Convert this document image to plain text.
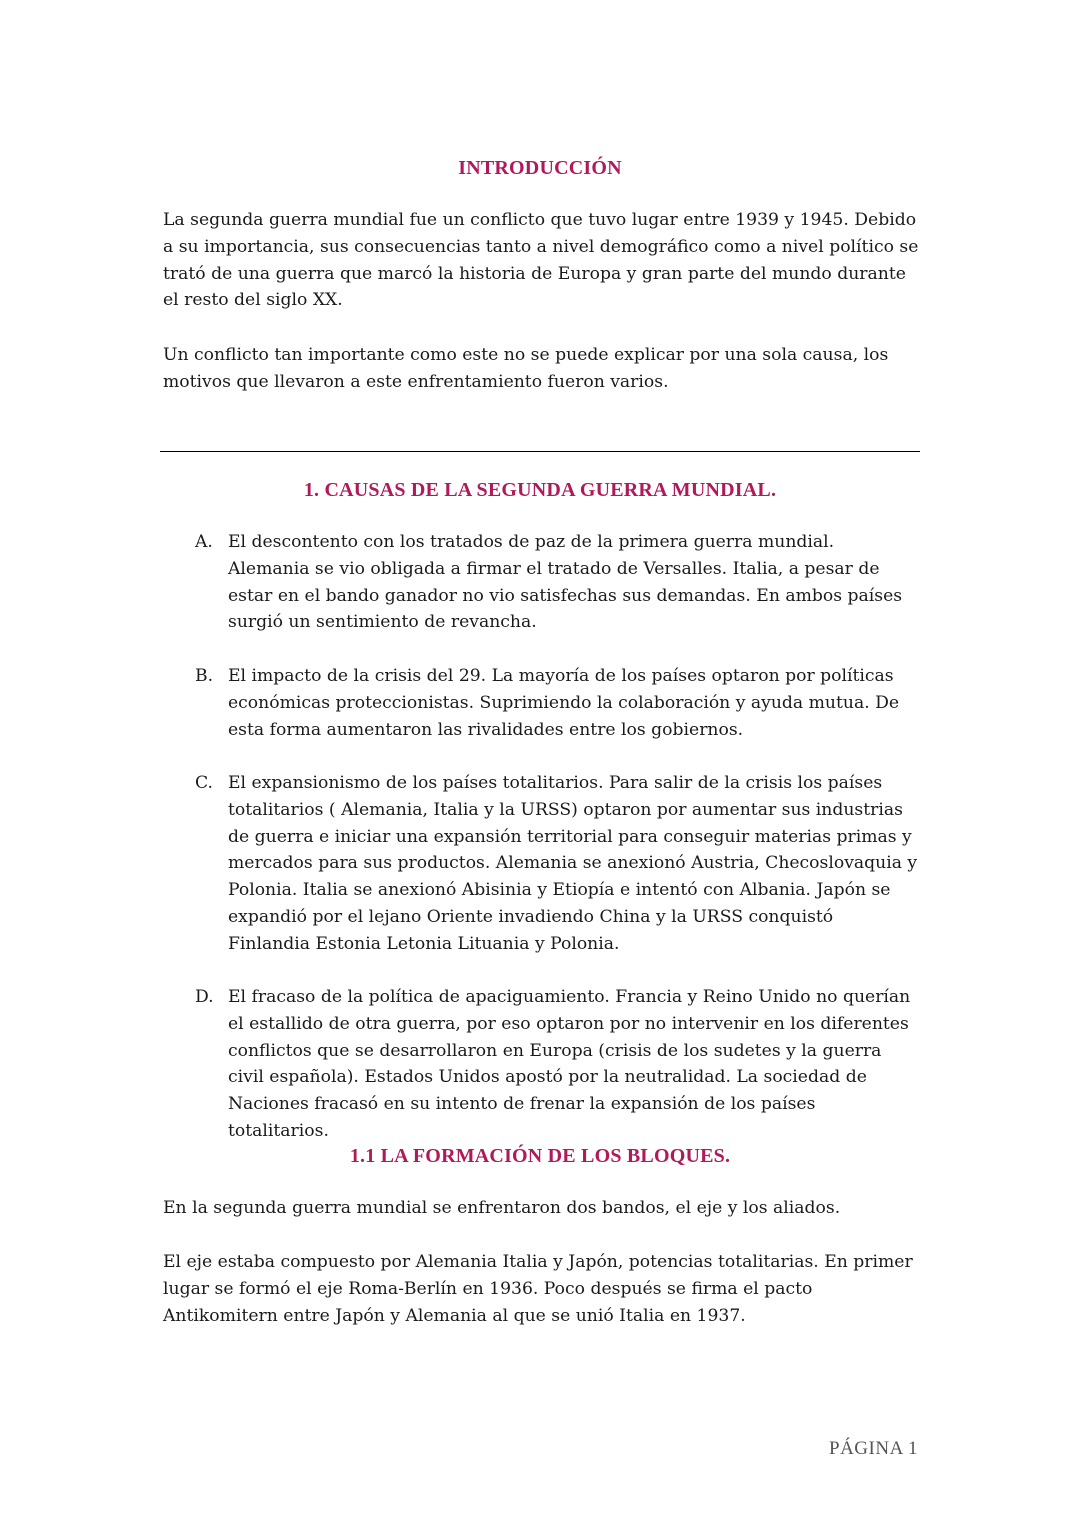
INTRODUCCIÓN

La segunda guerra mundial fue un conflicto que tuvo lugar entre 1939 y 1945. Debido a su importancia, sus consecuencias tanto a nivel demográfico como a nivel político se trató de una guerra que marcó la historia de Europa y gran parte del mundo durante el resto del siglo XX.

Un conflicto tan importante como este no se puede explicar por una sola causa, los motivos que llevaron a este enfrentamiento fueron varios.

1. CAUSAS DE LA SEGUNDA GUERRA MUNDIAL.
A. El descontento con los tratados de paz de la primera guerra mundial. Alemania se vio obligada a firmar el tratado de Versalles. Italia, a pesar de estar en el bando ganador no vio satisfechas sus demandas. En ambos países surgió un sentimiento de revancha.
B. El impacto de la crisis del 29. La mayoría de los países optaron por políticas económicas proteccionistas. Suprimiendo la colaboración y ayuda mutua. De esta forma aumentaron las rivalidades entre los gobiernos.
C. El expansionismo de los países totalitarios. Para salir de la crisis los países totalitarios ( Alemania, Italia y la URSS) optaron por aumentar sus industrias de guerra e iniciar una expansión territorial para conseguir materias primas y mercados para sus productos. Alemania se anexionó Austria, Checoslovaquia y Polonia. Italia se anexionó Abisinia y Etiopía e intentó con Albania. Japón se expandió por el lejano Oriente invadiendo China y la URSS conquistó Finlandia Estonia Letonia Lituania y Polonia.
D. El fracaso de la política de apaciguamiento. Francia y Reino Unido no querían el estallido de otra guerra, por eso optaron por no intervenir en los diferentes conflictos que se desarrollaron en Europa (crisis de los sudetes y la guerra civil española). Estados Unidos apostó por la neutralidad. La sociedad de Naciones fracasó en su intento de frenar la expansión de los países totalitarios.
1.1 LA FORMACIÓN DE LOS BLOQUES.

En la segunda guerra mundial se enfrentaron dos bandos, el eje y los aliados.

El eje estaba compuesto por Alemania Italia y Japón, potencias totalitarias. En primer lugar se formó el eje Roma-Berlín en 1936. Poco después se firma el pacto Antikomitern entre Japón y Alemania al que se unió Italia en 1937.

PÁGINA 1
